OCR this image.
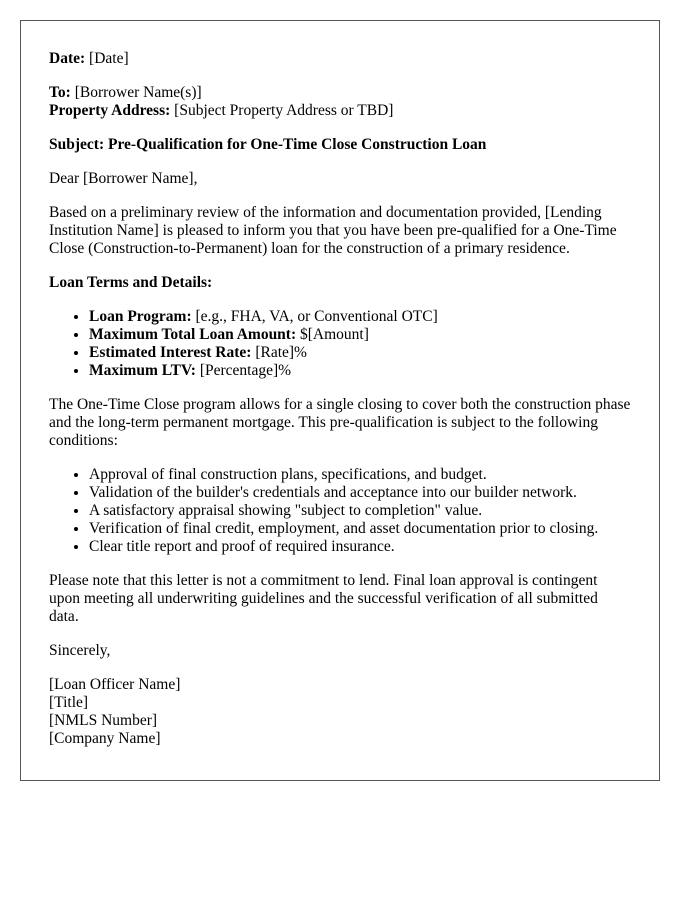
Date: [Date]

To: [Borrower Name(s)]
Property Address: [Subject Property Address or TBD]

Subject: Pre-Qualification for One-Time Close Construction Loan

Dear [Borrower Name],

Based on a preliminary review of the information and documentation provided, [Lending Institution Name] is pleased to inform you that you have been pre-qualified for a One-Time Close (Construction-to-Permanent) loan for the construction of a primary residence.

Loan Terms and Details:

• Loan Program: [e.g., FHA, VA, or Conventional OTC]
• Maximum Total Loan Amount: $[Amount]
• Estimated Interest Rate: [Rate]%
• Maximum LTV: [Percentage]%

The One-Time Close program allows for a single closing to cover both the construction phase and the long-term permanent mortgage. This pre-qualification is subject to the following conditions:

• Approval of final construction plans, specifications, and budget.
• Validation of the builder's credentials and acceptance into our builder network.
• A satisfactory appraisal showing "subject to completion" value.
• Verification of final credit, employment, and asset documentation prior to closing.
• Clear title report and proof of required insurance.

Please note that this letter is not a commitment to lend. Final loan approval is contingent upon meeting all underwriting guidelines and the successful verification of all submitted data.

Sincerely,

[Loan Officer Name]
[Title]
[NMLS Number]
[Company Name]
